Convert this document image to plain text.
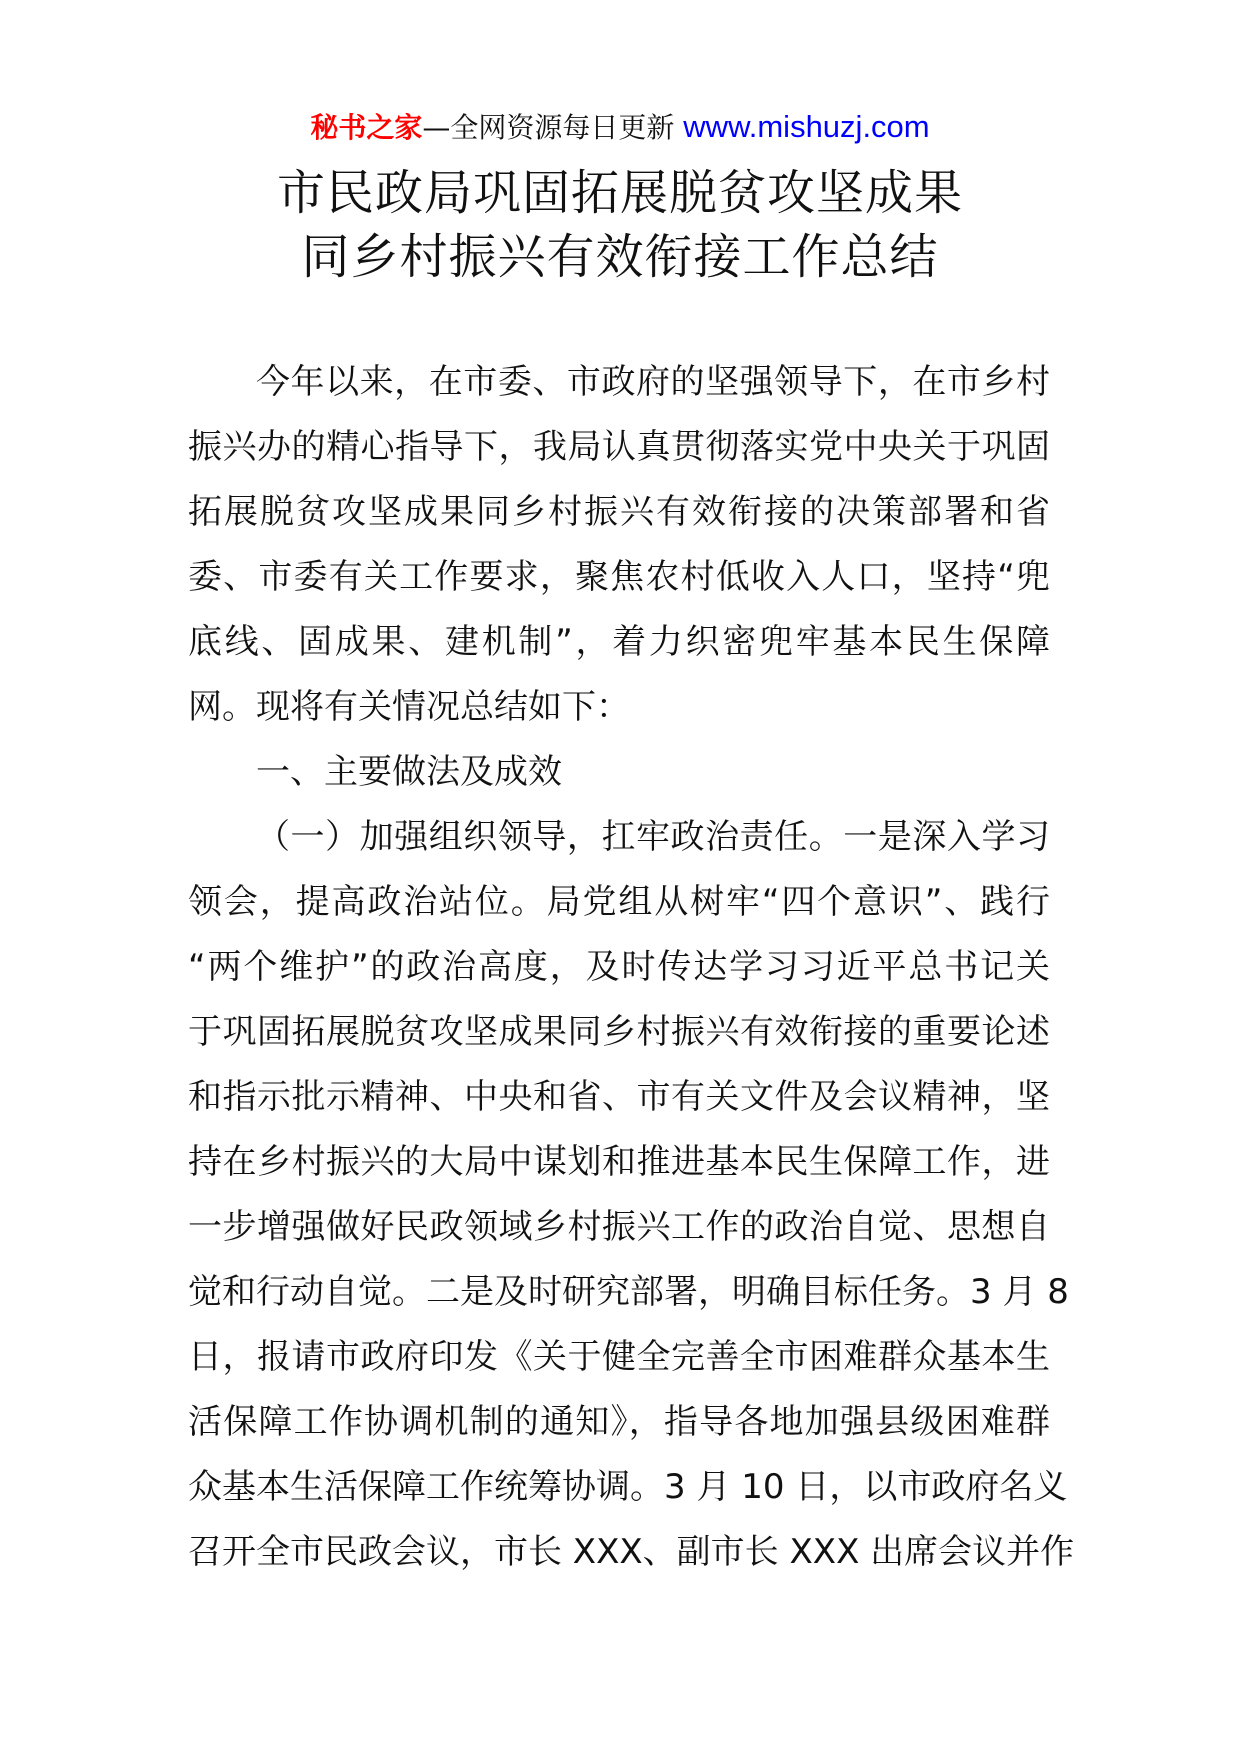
秘书之家—全网资源每日更新 www.mishuzj.com
市民政局巩固拓展脱贫攻坚成果
同乡村振兴有效衔接工作总结
今年以来，在市委、市政府的坚强领导下，在市乡村
振兴办的精心指导下，我局认真贯彻落实党中央关于巩固
拓展脱贫攻坚成果同乡村振兴有效衔接的决策部署和省
委、市委有关工作要求，聚焦农村低收入人口，坚持“兜
底线、固成果、建机制”，着力织密兜牢基本民生保障
网。现将有关情况总结如下：
一、主要做法及成效
（一）加强组织领导，扛牢政治责任。一是深入学习
领会，提高政治站位。局党组从树牢“四个意识”、践行
“两个维护”的政治高度，及时传达学习习近平总书记关
于巩固拓展脱贫攻坚成果同乡村振兴有效衔接的重要论述
和指示批示精神、中央和省、市有关文件及会议精神，坚
持在乡村振兴的大局中谋划和推进基本民生保障工作，进
一步增强做好民政领域乡村振兴工作的政治自觉、思想自
觉和行动自觉。二是及时研究部署，明确目标任务。3 月 8
日，报请市政府印发《关于健全完善全市困难群众基本生
活保障工作协调机制的通知》，指导各地加强县级困难群
众基本生活保障工作统筹协调。3 月 10 日，以市政府名义
召开全市民政会议，市长 XXX、副市长 XXX 出席会议并作
